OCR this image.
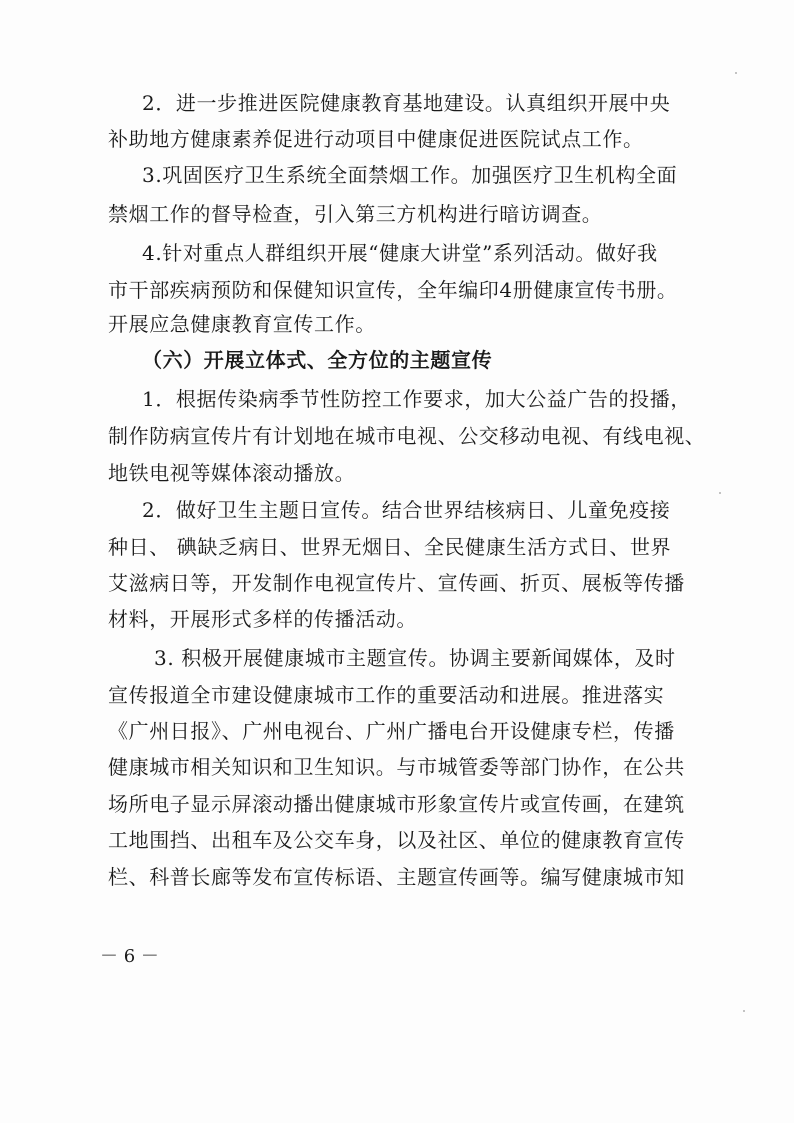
2．进一步推进医院健康教育基地建设。认真组织开展中央
补助地方健康素养促进行动项目中健康促进医院试点工作。
3.巩固医疗卫生系统全面禁烟工作。加强医疗卫生机构全面
禁烟工作的督导检查，引入第三方机构进行暗访调查。
4.针对重点人群组织开展“健康大讲堂”系列活动。做好我
市干部疾病预防和保健知识宣传，全年编印4册健康宣传书册。
开展应急健康教育宣传工作。
（六）开展立体式、全方位的主题宣传
1．根据传染病季节性防控工作要求，加大公益广告的投播，
制作防病宣传片有计划地在城市电视、公交移动电视、有线电视、
地铁电视等媒体滚动播放。
2．做好卫生主题日宣传。结合世界结核病日、儿童免疫接
种日、 碘缺乏病日、世界无烟日、全民健康生活方式日、世界
艾滋病日等，开发制作电视宣传片、宣传画、折页、展板等传播
材料，开展形式多样的传播活动。
3. 积极开展健康城市主题宣传。协调主要新闻媒体，及时
宣传报道全市建设健康城市工作的重要活动和进展。推进落实
《广州日报》、广州电视台、广州广播电台开设健康专栏，传播
健康城市相关知识和卫生知识。与市城管委等部门协作，在公共
场所电子显示屏滚动播出健康城市形象宣传片或宣传画，在建筑
工地围挡、出租车及公交车身，以及社区、单位的健康教育宣传
栏、科普长廊等发布宣传标语、主题宣传画等。编写健康城市知
－ 6 －
